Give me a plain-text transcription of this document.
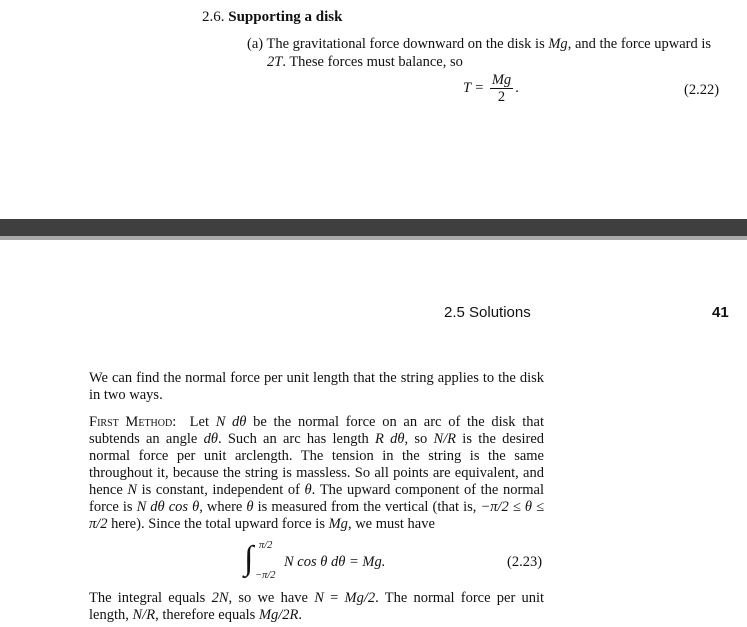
2.6. Supporting a disk
(a) The gravitational force downward on the disk is Mg, and the force upward is 2T. These forces must balance, so
$T = \frac{Mg}{2}$ .	(2.22)
2.5 Solutions	41
We can find the normal force per unit length that the string applies to the disk in two ways.
First Method: Let N dθ be the normal force on an arc of the disk that subtends an angle dθ. Such an arc has length R dθ, so N/R is the desired normal force per unit arclength. The tension in the string is the same throughout it, because the string is massless. So all points are equivalent, and hence N is constant, independent of θ. The upward component of the normal force is N dθ cos θ, where θ is measured from the vertical (that is, −π/2 ≤ θ ≤ π/2 here). Since the total upward force is Mg, we must have
∫ π/2
−π/2
N cos θ dθ = Mg.	(2.23)
The integral equals 2N, so we have N = Mg/2. The normal force per unit length, N/R, therefore equals Mg/2R.
